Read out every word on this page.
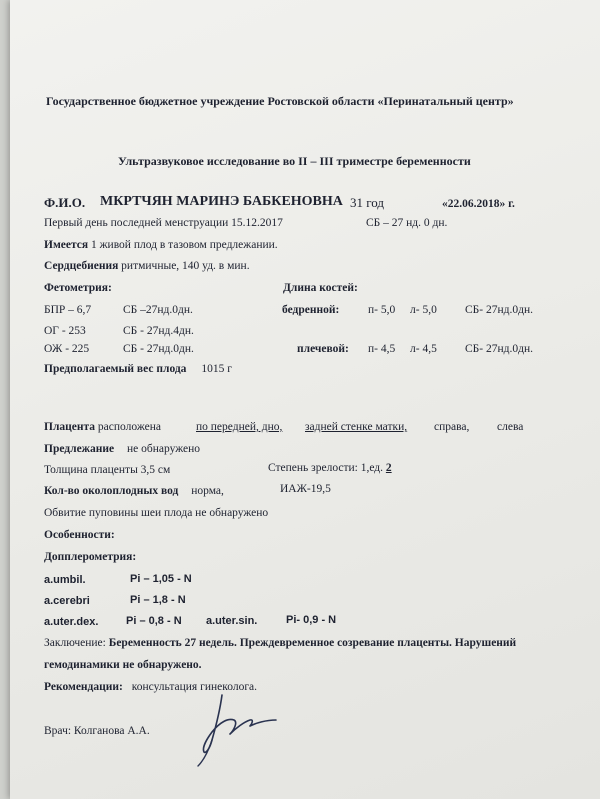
Государственное бюджетное учреждение Ростовской области «Перинатальный центр»
Ультразвуковое исследование во II – III триместре беременности
Ф.И.О. МКРТЧЯН МАРИНЭ БАБКЕНОВНА 31 год	«22.06.2018» г.
Первый день последней менструации 15.12.2017	СБ – 27 нд. 0 дн.
Имеется 1 живой плод в тазовом предлежании.
Сердцебиения ритмичные, 140 уд. в мин.
Фетометрия:	Длина костей:
БПР – 6,7	СБ –27нд.0дн.	бедренной: п- 5,0 л- 5,0 СБ- 27нд.0дн.
ОГ - 253	СБ - 27нд.4дн.
ОЖ - 225	СБ - 27нд.0дн.	плечевой: п- 4,5 л- 4,5 СБ- 27нд.0дн.
Предполагаемый вес плода 1015 г
Плацента расположена	по передней, дно, задней стенке матки, справа, слева
Предлежание не обнаружено
Толщина плаценты 3,5 см	Степень зрелости: 1,ед. 2
Кол-во околоплодных вод норма,	ИАЖ-19,5
Обвитие пуповины шеи плода не обнаружено
Особенности:
Допплерометрия:
a.umbil.	Pi – 1,05 - N
a.cerebri	Pi – 1,8 - N
a.uter.dex.	Pi – 0,8 - N a.uter.sin.	Pi- 0,9 - N
Заключение: Беременность 27 недель. Преждевременное созревание плаценты. Нарушений
гемодинамики не обнаружено.
Рекомендации: консультация гинеколога.
Врач: Колганова А.А.
